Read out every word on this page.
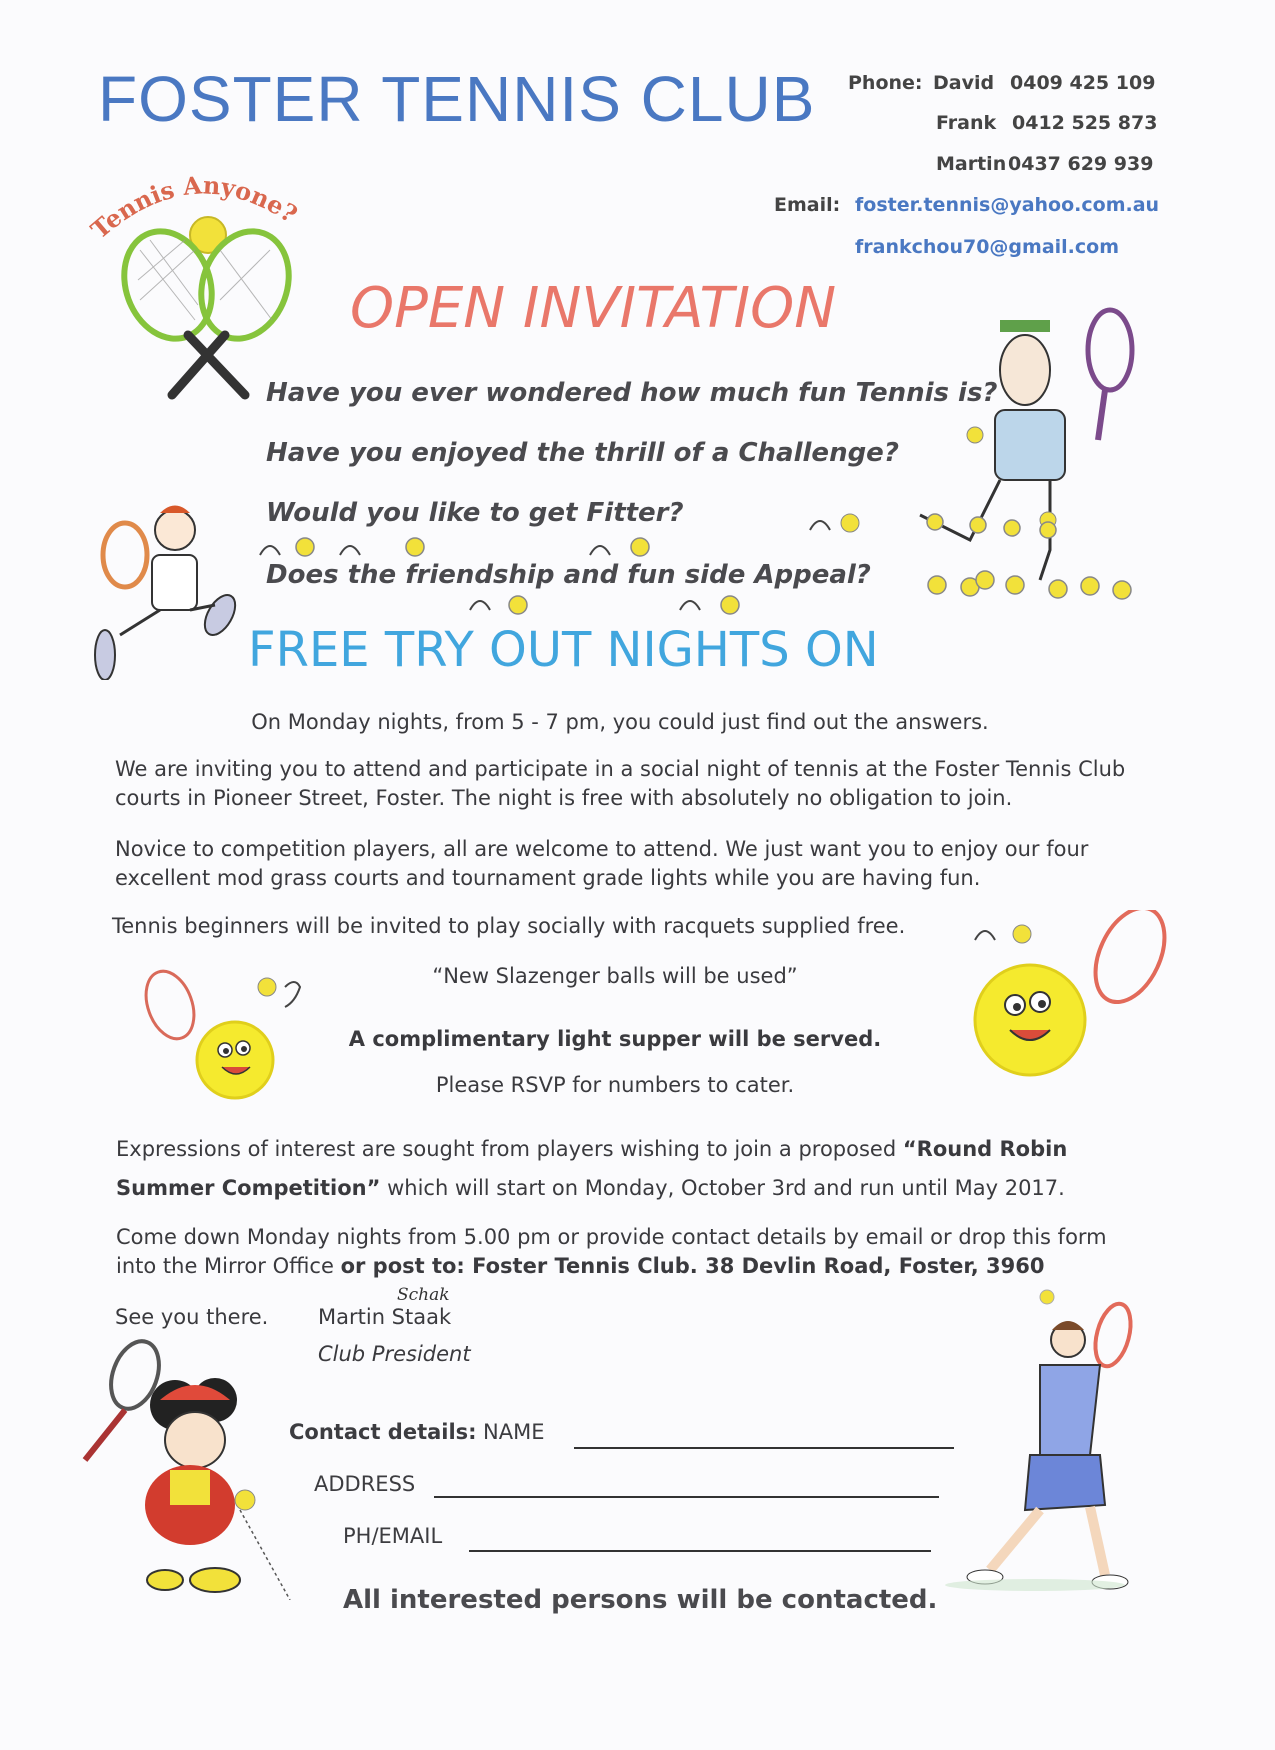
FOSTER TENNIS CLUB Phone: David 0409 425 109
Frank 0412 525 873
Martin 0437 629 939
Email: foster.tennis@yahoo.com.au
frankchou70@gmail.com
Tennis Anyone?
OPEN INVITATION
Have you ever wondered how much fun Tennis is?
Have you enjoyed the thrill of a Challenge?
Would you like to get Fitter?
Does the friendship and fun side Appeal?
FREE TRY OUT NIGHTS ON
On Monday nights, from 5 - 7 pm, you could just find out the answers.
We are inviting you to attend and participate in a social night of tennis at the Foster Tennis Club courts in Pioneer Street, Foster. The night is free with absolutely no obligation to join.
Novice to competition players, all are welcome to attend. We just want you to enjoy our four excellent mod grass courts and tournament grade lights while you are having fun.
Tennis beginners will be invited to play socially with racquets supplied free.
“New Slazenger balls will be used”
A complimentary light supper will be served.
Please RSVP for numbers to cater.
Expressions of interest are sought from players wishing to join a proposed “Round Robin Summer Competition” which will start on Monday, October 3rd and run until May 2017.
Come down Monday nights from 5.00 pm or provide contact details by email or drop this form into the Mirror Office or post to: Foster Tennis Club. 38 Devlin Road, Foster, 3960
See you there. Martin Staak
Schak
Club President
Contact details: NAME
ADDRESS
PH/EMAIL
All interested persons will be contacted.
